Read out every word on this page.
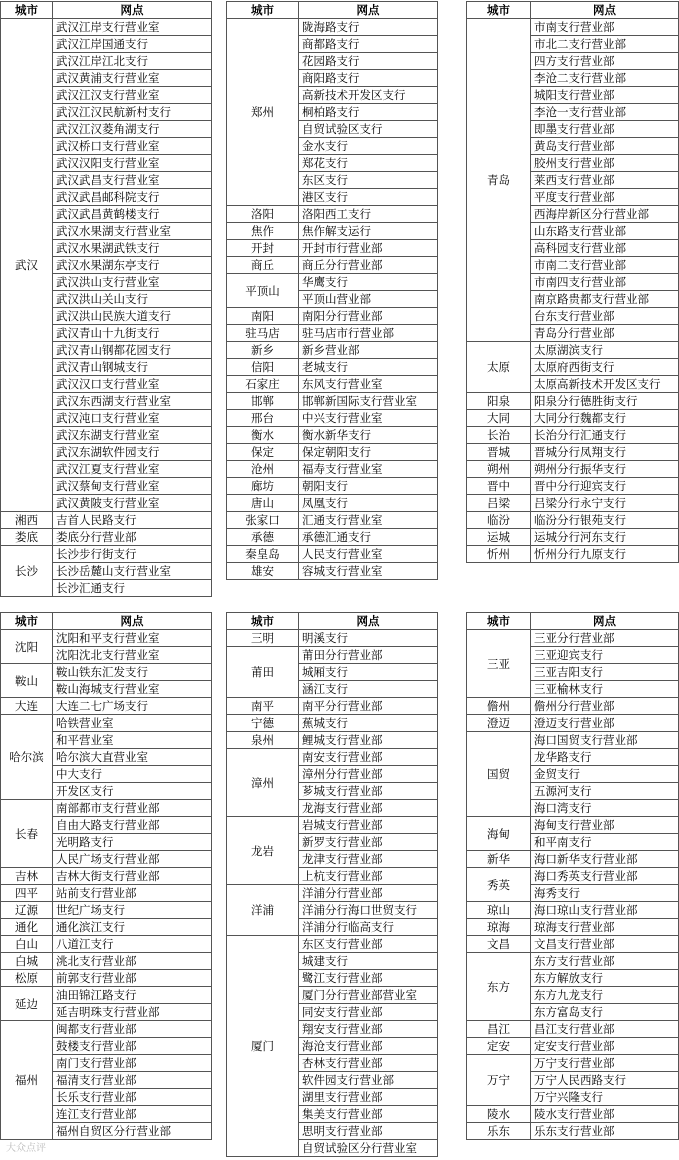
城市	网点
武汉	武汉江岸支行营业室
	武汉江岸国通支行
	武汉江岸江北支行
	武汉黄浦支行营业室
	武汉江汉支行营业室
	武汉江汉民航新村支行
	武汉江汉菱角湖支行
	武汉桥口支行营业室
	武汉汉阳支行营业室
	武汉武昌支行营业室
	武汉武昌邮科院支行
	武汉武昌黄鹤楼支行
	武汉水果湖支行营业室
	武汉水果湖武铁支行
	武汉水果湖东亭支行
	武汉洪山支行营业室
	武汉洪山关山支行
	武汉洪山民族大道支行
	武汉青山十九街支行
	武汉青山钢都花园支行
	武汉青山钢城支行
	武汉汉口支行营业室
	武汉东西湖支行营业室
	武汉沌口支行营业室
	武汉东湖支行营业室
	武汉东湖软件园支行
	武汉江夏支行营业室
	武汉蔡甸支行营业室
	武汉黄陂支行营业室
湘西	吉首人民路支行
娄底	娄底分行营业部
长沙	长沙步行街支行
	长沙岳麓山支行营业室
	长沙汇通支行
城市	网点
郑州	陇海路支行
	商都路支行
	花园路支行
	商阳路支行
	高新技术开发区支行
	桐柏路支行
	自贸试验区支行
	金水支行
	郑花支行
	东区支行
	港区支行
洛阳	洛阳西工支行
焦作	焦作解支运行
开封	开封市行营业部
商丘	商丘分行营业部
平顶山	华鹰支行
	平顶山营业部
南阳	南阳分行营业部
驻马店	驻马店市行营业部
新乡	新乡营业部
信阳	老城支行
石家庄	东风支行营业室
邯郸	邯郸新国际支行营业室
邢台	中兴支行营业室
衡水	衡水新华支行
保定	保定朝阳支行
沧州	福寿支行营业室
廊坊	朝阳支行
唐山	凤凰支行
张家口	汇通支行营业室
承德	承德汇通支行
秦皇岛	人民支行营业室
雄安	容城支行营业室
城市	网点
青岛	市南支行营业部
	市北二支行营业部
	四方支行营业部
	李沧二支行营业部
	城阳支行营业部
	李沧一支行营业部
	即墨支行营业部
	黄岛支行营业部
	胶州支行营业部
	莱西支行营业部
	平度支行营业部
	西海岸新区分行营业部
	山东路支行营业部
	高科园支行营业部
	市南二支行营业部
	市南四支行营业部
	南京路贵都支行营业部
	台东支行营业部
	青岛分行营业部
太原	太原湖滨支行
	太原府西街支行
	太原高新技术开发区支行
阳泉	阳泉分行德胜街支行
大同	大同分行魏都支行
长治	长治分行汇通支行
晋城	晋城分行凤翔支行
朔州	朔州分行振华支行
晋中	晋中分行迎宾支行
吕梁	吕梁分行永宁支行
临汾	临汾分行银苑支行
运城	运城分行河东支行
忻州	忻州分行九原支行
城市	网点
沈阳	沈阳和平支行营业室
	沈阳沈北支行营业室
鞍山	鞍山铁东汇发支行
	鞍山海城支行营业室
大连	大连二七广场支行
哈尔滨	哈铁营业室
	和平营业室
	哈尔滨大直营业室
	中大支行
	开发区支行
长春	南部都市支行营业部
	自由大路支行营业部
	光明路支行
	人民广场支行营业部
吉林	吉林大街支行营业部
四平	站前支行营业部
辽源	世纪广场支行
通化	通化滨江支行
白山	八道江支行
白城	洮北支行营业部
松原	前郭支行营业部
延边	油田锦江路支行
	延吉明珠支行营业部
福州	闽都支行营业部
	鼓楼支行营业部
	南门支行营业部
	福清支行营业部
	长乐支行营业部
	连江支行营业部
	福州自贸区分行营业部
城市	网点
三明	明溪支行
莆田	莆田分行营业部
	城厢支行
	涵江支行
南平	南平分行营业部
宁德	蕉城支行
泉州	鲤城支行营业部
漳州	南安支行营业部
	漳州分行营业部
	芗城支行营业部
	龙海支行营业部
龙岩	岩城支行营业部
	新罗支行营业部
	龙津支行营业部
	上杭支行营业部
洋浦	洋浦分行营业部
	洋浦分行海口世贸支行
	洋浦分行临高支行
厦门	东区支行营业部
	城建支行
	鹭江支行营业部
	厦门分行营业部营业室
	同安支行营业部
	翔安支行营业部
	海沧支行营业部
	杏林支行营业部
	软件园支行营业部
	湖里支行营业部
	集美支行营业部
	思明支行营业部
	自贸试验区分行营业室
城市	网点
三亚	三亚分行营业部
	三亚迎宾支行
	三亚吉阳支行
	三亚榆林支行
儋州	儋州分行营业部
澄迈	澄迈支行营业部
国贸	海口国贸支行营业部
	龙华路支行
	金贸支行
	五源河支行
	海口湾支行
海甸	海甸支行营业部
	和平南支行
新华	海口新华支行营业部
秀英	海口秀英支行营业部
	海秀支行
琼山	海口琼山支行营业部
琼海	琼海支行营业部
文昌	文昌支行营业部
东方	东方支行营业部
	东方解放支行
	东方九龙支行
	东方富岛支行
昌江	昌江支行营业部
定安	定安支行营业部
万宁	万宁支行营业部
	万宁人民西路支行
	万宁兴隆支行
陵水	陵水支行营业部
乐东	乐东支行营业部
大众点评
